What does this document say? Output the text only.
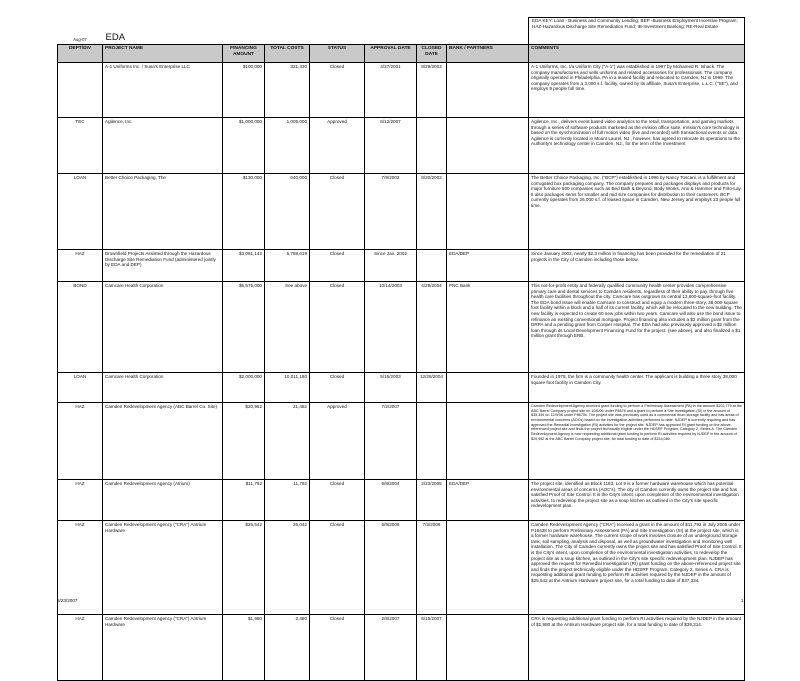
Aug-07	EDA							EDA KEY: Loan - Business and Community Lending; BEP -Business Employment Incentive Program; HAZ-Hazardous Discharge Site Remediation Fund; IB-Investment Banking; RE-Real Estate
DEPT/DIV	PROJECT NAME	FINANCING AMOUNT	TOTAL COSTS	STATUS	APPROVAL DATE	CLOSED DATE	BANK / PARTNERS	COMMENTS
	A-1 Uniforms Inc. / Susa's Enterprise LLC	$100,000	321,330	Closed	4/27/2001	8/29/2003		A-1 Uniforms, Inc. t/a Uniform City ("A-1") was established in 1997 by Mohamed R. Ishack. The company manufactures and sells uniforms and related accessories for professionals. The company originally operated in Philadelphia, PA in a leased facility and relocated to Camden, NJ in 1999. The company operates from a 3,000 s.f. facility, owned by its affiliate, Susa's Enterprise, L.L.C. ("SE"), and employs 9 people full time.
TEC	Agilence, Inc.	$1,000,000	1,005,000	Approved	6/12/2007			Agilence, Inc., delivers event based video analytics to the retail, transportation, and gaming markets through a series of software products marketed as the eVision office suite. eVision's core technology is based on the synchronization of full motion video (live and recorded) with transactional events or data. Agilence is currently located in Mount Laurel, NJ., however, has agreed to relocate its operations to the Authority's technology center in Camden, NJ., for the term of the Investment
LOAN	Better Choice Packaging, The	$130,000	640,000	Closed	7/9/2002	8/20/2002		The Better Choice Packaging, Inc. ("BCP") established in 1996 by Nancy Toscani, is a fulfillment and corrugated box packaging company. The company prepares and packages displays and products for major furniture 500 companies such as Bed Bath & Beyond, Body Works, Ann & Hammer and Frito-Lay. It also packages items for smaller and mid size companies for distribution to their customers. BCP currently operates from 26,000 s.f. of leased space in Camden, New Jersey and employs 23 people full time.
HAZ	Brownfield Projects Assisted through the Hazardous Discharge Site Remediation Fund (administered jointly by EDA and DEP)	$3,081,143	5,788,619	Closed	Since Jan. 2002		EDA/DEP	Since January 2002, nearly $2.3 million in financing has been provided for the remediation of 21 projects in the City of Camden including those below.
BOND	Camcare Health Corporation	$5,575,000	See above	Closed	10/14/2003	4/29/2004	PNC Bank	This not-for-profit entity and federally qualified community health center provides comprehensive primary care and dental services to Camden residents, regardless of their ability to pay, through five health care facilities throughout the city. Camcare has outgrown its central 13,600-square-foot facility. The EDA bond issue will enable Camcare to construct and equip a modern three-story, 38,000-square foot facility within a block and a half of its current facility, which will be relocated to the new building. The new facility is expected to create 60 new jobs within two years. Camcare will also use the bond issue to refinance an existing conventional mortgage. Project financing also includes a $2 million grant from the DRPA and a pending grant from Cooper Hospital. The EDA had also previously approved a $2 million loan through its Local Development Financing Fund for the project. (see above), and also finalized a $1 million grant through ERB.
LOAN	Camcare Health Corporation	$2,000,000	10,011,180	Closed	5/16/2003	12/28/2004		Founded in 1978, the firm is a community health center. The applicant is building a three story 38,000 square foot facility in Camden City.
HAZ	Camden Redevelopment Agency (ABC Barrel Co. Site)	$20,952	21,452	Approved	7/2/2007			Camden Redevelopment Agency received grant funding to perform a Preliminary Assessment (PA) in the amount $102,779 at the ABC Barrel Company project site on 10/6/06 under P8678 and a grant to perform a Site Investigation (SI) in the amount of $35,349 on 12/9/08 under P8679s. The project site was previously used as a commercial drum storage facility and has areas of environmental concerns (AOCs) based on the investigation activities performed to date. NJDEP is currently requiring and has approved the Remedial Investigation (RI) activities for the project site. NJDEP has approved RI grant funding on the above-referenced project site and finds the project technically eligible under the HDSRF Program, Category 2, Series A. The Camden Redevelopment Agency is now requesting additional grant funding to perform RI activities required by NJDEP in the amount of $20,952 at the ABC Barrel Company project site, for total funding to date of $154,080.
HAZ	Camden Redevelopment Agency (Atrium)	$11,792	11,792	Closed	6/8/2004	2/23/2005	EDA/DEP	The project site, identified as Block 1183, Lot 9 is a former hardware warehouse which has potential environmental areas of concerns (AOC's). The city of Camden currently owns the project site and has satisfied Proof of Site Control. It is the City's intent, upon completion of the environmental investigation activities, to redevelop the project site as a soup kitchen as outlined in the City's site specific redevelopment plan.
HAZ	Camden Redevelopment Agency ("CRA") Antrium Hardware	$25,542	26,042	Closed	5/9/2006	7/3/2006		Camden Redevelopment Agency ("CRA") received a grant in the amount of $11,792 in July 2005 under P16438 to perform Preliminary Assessment (PA) and Site Investigation (SI) at the project site, which is a former hardware warehouse. The current scope of work involves closure of an underground storage tank, soil sampling, analysis and disposal, as well as groundwater investigation and monitoring well installation. The City of Camden currently owns the project site and has satisfied Proof of Site Control. It is the City's intent, upon completion of the environmental investigation activities, to redevelop the project site as a soup kitchen, as outlined in the City's site specific redevelopment plan. NJDEP has approved the request for Remedial Investigation (RI) grant funding on the above-referenced project site and finds the project technically eligible under the HDSRF Program, Category 2, Series A. CRA is requesting additional grant funding to perform RI activities required by the NJDEP in the amount of $25,542 at the Antrium Hardware project site, for a total funding to date of $37,334.
HAZ	Camden Redevelopment Agency ("CRA") Antrium Hardware	$1,980	2,480	Closed	2/8/2007	6/15/2007		CRA is requesting additional grant funding to perform RI activities required by the NJDEP in the amount of $1,980 at the Antrium Hardware project site, for a total funding to date of $39,314.
8/23/2007	1
